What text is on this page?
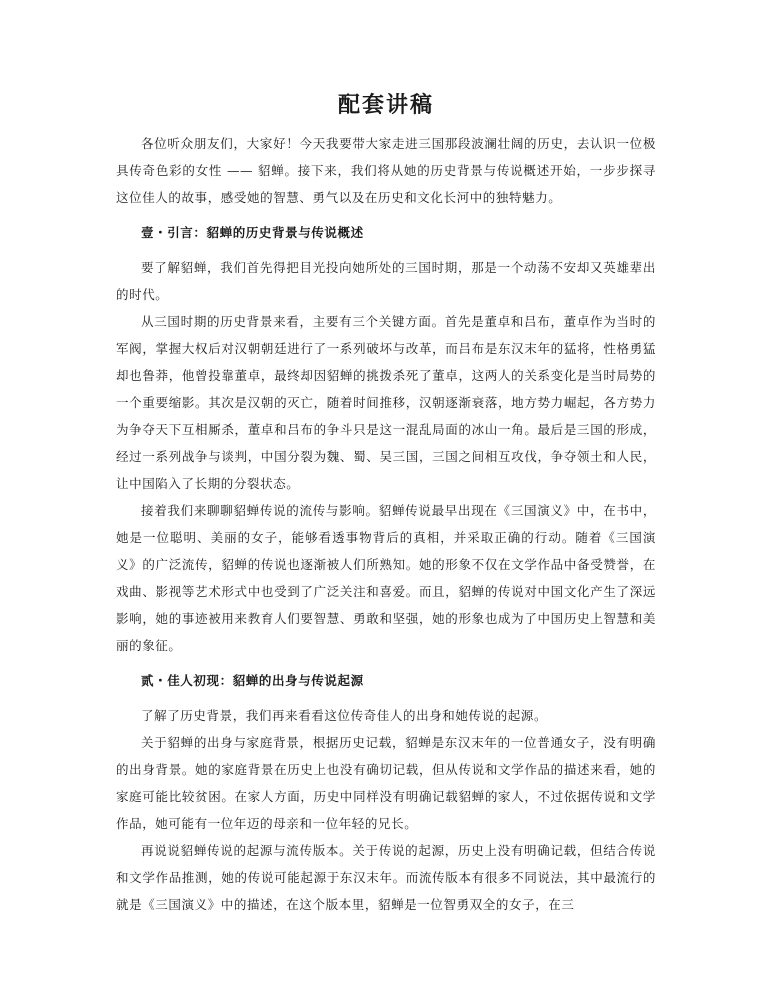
配套讲稿

各位听众朋友们，大家好！今天我要带大家走进三国那段波澜壮阔的历史，去认识一位极具传奇色彩的女性 —— 貂蝉。接下来，我们将从她的历史背景与传说概述开始，一步步探寻这位佳人的故事，感受她的智慧、勇气以及在历史和文化长河中的独特魅力。

壹・引言：貂蝉的历史背景与传说概述

要了解貂蝉，我们首先得把目光投向她所处的三国时期，那是一个动荡不安却又英雄辈出的时代。

从三国时期的历史背景来看，主要有三个关键方面。首先是董卓和吕布，董卓作为当时的军阀，掌握大权后对汉朝朝廷进行了一系列破坏与改革，而吕布是东汉末年的猛将，性格勇猛却也鲁莽，他曾投靠董卓，最终却因貂蝉的挑拨杀死了董卓，这两人的关系变化是当时局势的一个重要缩影。其次是汉朝的灭亡，随着时间推移，汉朝逐渐衰落，地方势力崛起，各方势力为争夺天下互相厮杀，董卓和吕布的争斗只是这一混乱局面的冰山一角。最后是三国的形成，经过一系列战争与谈判，中国分裂为魏、蜀、吴三国，三国之间相互攻伐，争夺领土和人民，让中国陷入了长期的分裂状态。

接着我们来聊聊貂蝉传说的流传与影响。貂蝉传说最早出现在《三国演义》中，在书中，她是一位聪明、美丽的女子，能够看透事物背后的真相，并采取正确的行动。随着《三国演义》的广泛流传，貂蝉的传说也逐渐被人们所熟知。她的形象不仅在文学作品中备受赞誉，在戏曲、影视等艺术形式中也受到了广泛关注和喜爱。而且，貂蝉的传说对中国文化产生了深远影响，她的事迹被用来教育人们要智慧、勇敢和坚强，她的形象也成为了中国历史上智慧和美丽的象征。

贰・佳人初现：貂蝉的出身与传说起源

了解了历史背景，我们再来看看这位传奇佳人的出身和她传说的起源。

关于貂蝉的出身与家庭背景，根据历史记载，貂蝉是东汉末年的一位普通女子，没有明确的出身背景。她的家庭背景在历史上也没有确切记载，但从传说和文学作品的描述来看，她的家庭可能比较贫困。在家人方面，历史中同样没有明确记载貂蝉的家人，不过依据传说和文学作品，她可能有一位年迈的母亲和一位年轻的兄长。

再说说貂蝉传说的起源与流传版本。关于传说的起源，历史上没有明确记载，但结合传说和文学作品推测，她的传说可能起源于东汉末年。而流传版本有很多不同说法，其中最流行的就是《三国演义》中的描述，在这个版本里，貂蝉是一位智勇双全的女子，在三
